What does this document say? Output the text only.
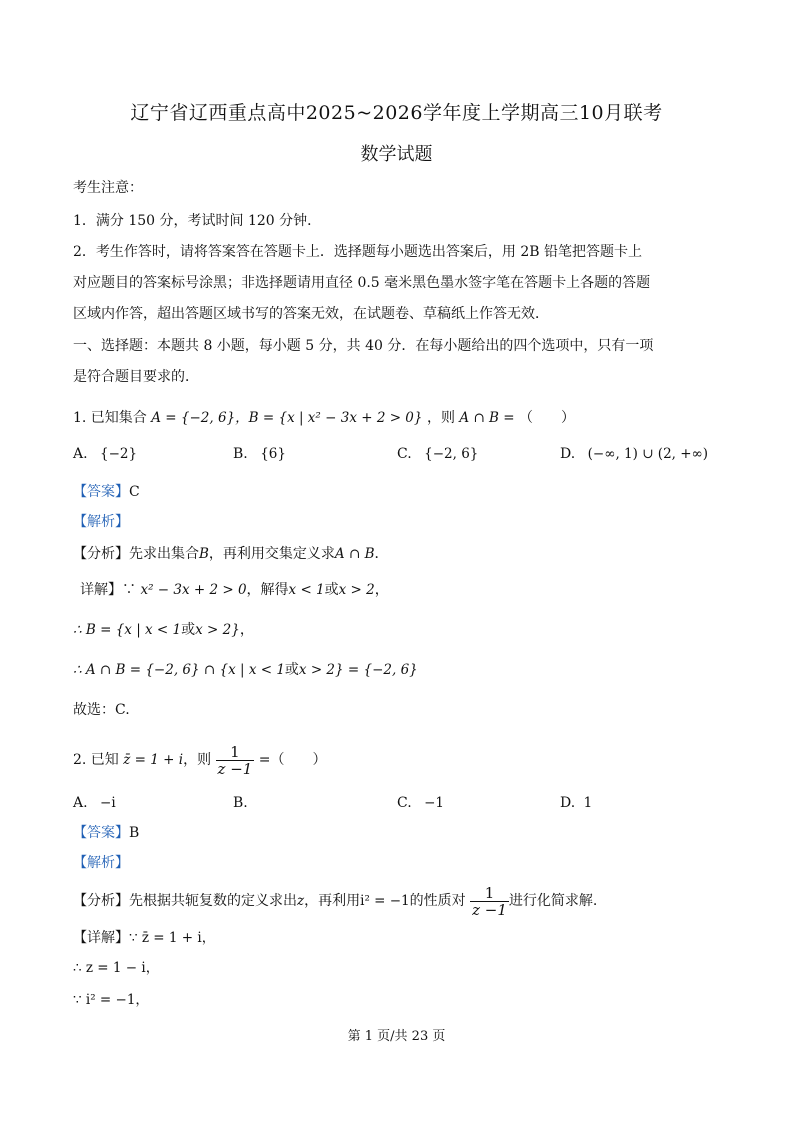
辽宁省辽西重点高中2025~2026学年度上学期高三10月联考
数学试题
考生注意：
1．满分 150 分，考试时间 120 分钟．
2．考生作答时，请将答案答在答题卡上．选择题每小题选出答案后，用 2B 铅笔把答题卡上
对应题目的答案标号涂黑；非选择题请用直径 0.5 毫米黑色墨水签字笔在答题卡上各题的答题
区域内作答，超出答题区域书写的答案无效，在试题卷、草稿纸上作答无效．
一、选择题：本题共 8 小题，每小题 5 分，共 40 分．在每小题给出的四个选项中，只有一项
是符合题目要求的．
1. 已知集合 A = {−2, 6}，B = {x | x² − 3x + 2 > 0} ，则 A ∩ B = （　　）
A. {−2}	B. {6}	C. {−2, 6}	D. (−∞, 1) ∪ (2, +∞)
【答案】C
【解析】
【分析】先求出集合B，再利用交集定义求A ∩ B．
详解】∵ x² − 3x + 2 > 0，解得x < 1或x > 2，
∴ B = {x | x < 1或x > 2}，
∴ A ∩ B = {−2, 6} ∩ {x | x < 1或x > 2} = {−2, 6}
故选：C.
2. 已知 z̄ = 1 + i，则 $\frac{1}{z -1}$ =（　　）
A. −i	B.	C. −1	D. 1
【答案】B
【解析】
【分析】先根据共轭复数的定义求出z，再利用i² = −1的性质对 $\frac{1}{z -1}$ 进行化简求解.
【详解】∵ z̄ = 1 + i，
∴ z = 1 − i，
∵ i² = −1，
第 1 页/共 23 页
